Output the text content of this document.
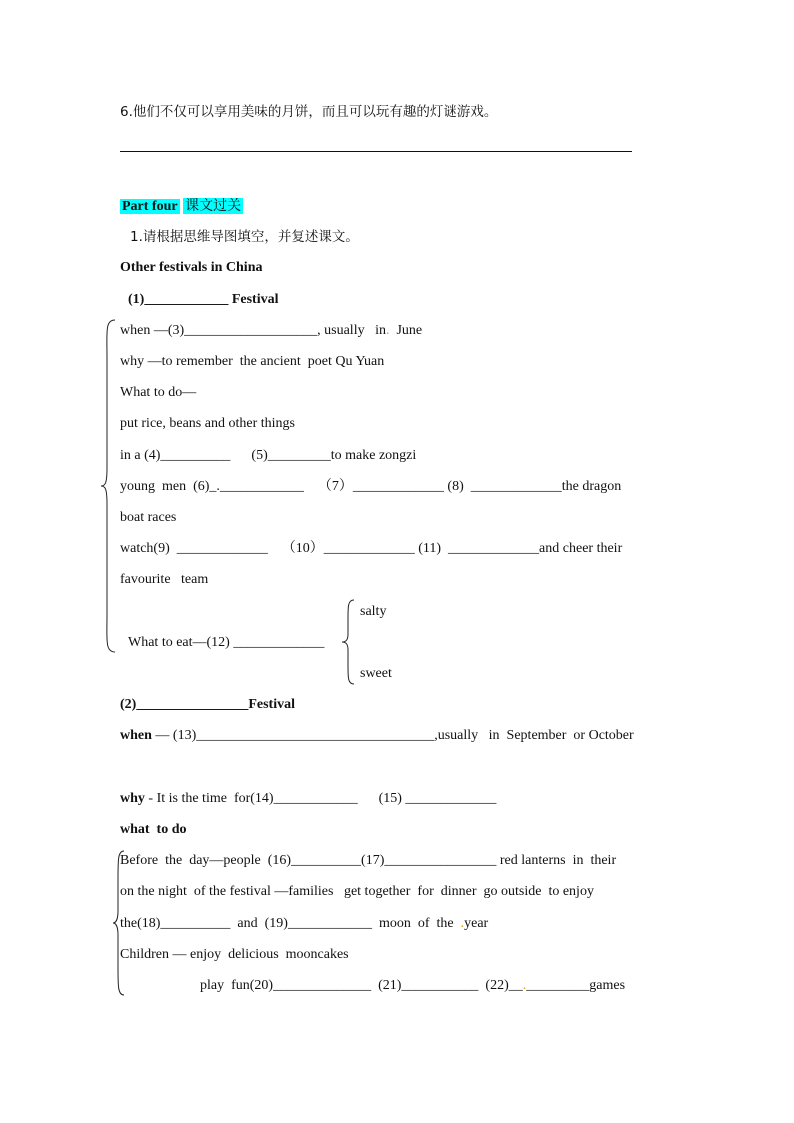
6.他们不仅可以享用美味的月饼，而且可以玩有趣的灯谜游戏。
Part four 课文过关
1.请根据思维导图填空，并复述课文。
Other festivals in China
(1)____________ Festival
when —(3)___________________, usually   in.  June
why —to remember  the ancient  poet Qu Yuan
What to do—
put rice, beans and other things
in a (4)__________      (5)_________to make zongzi
young  men  (6)_.____________    （7）_____________ (8)  _____________the dragon
boat races
watch(9)  _____________    （10）_____________ (11)  _____________and cheer their
favourite   team
salty
What to eat—(12) _____________
sweet
(2)________________Festival
when — (13)__________________________________,usually   in  September  or October
why - It is the time  for(14)____________      (15) _____________
what  to do
Before  the  day—people  (16)__________(17)________________ red lanterns  in  their
on the night  of the festival —families   get together  for  dinner  go outside  to enjoy
the(18)__________  and  (19)____________  moon  of  the  .year
Children — enjoy  delicious  mooncakes
play  fun(20)______________  (21)___________  (22)__._________games
